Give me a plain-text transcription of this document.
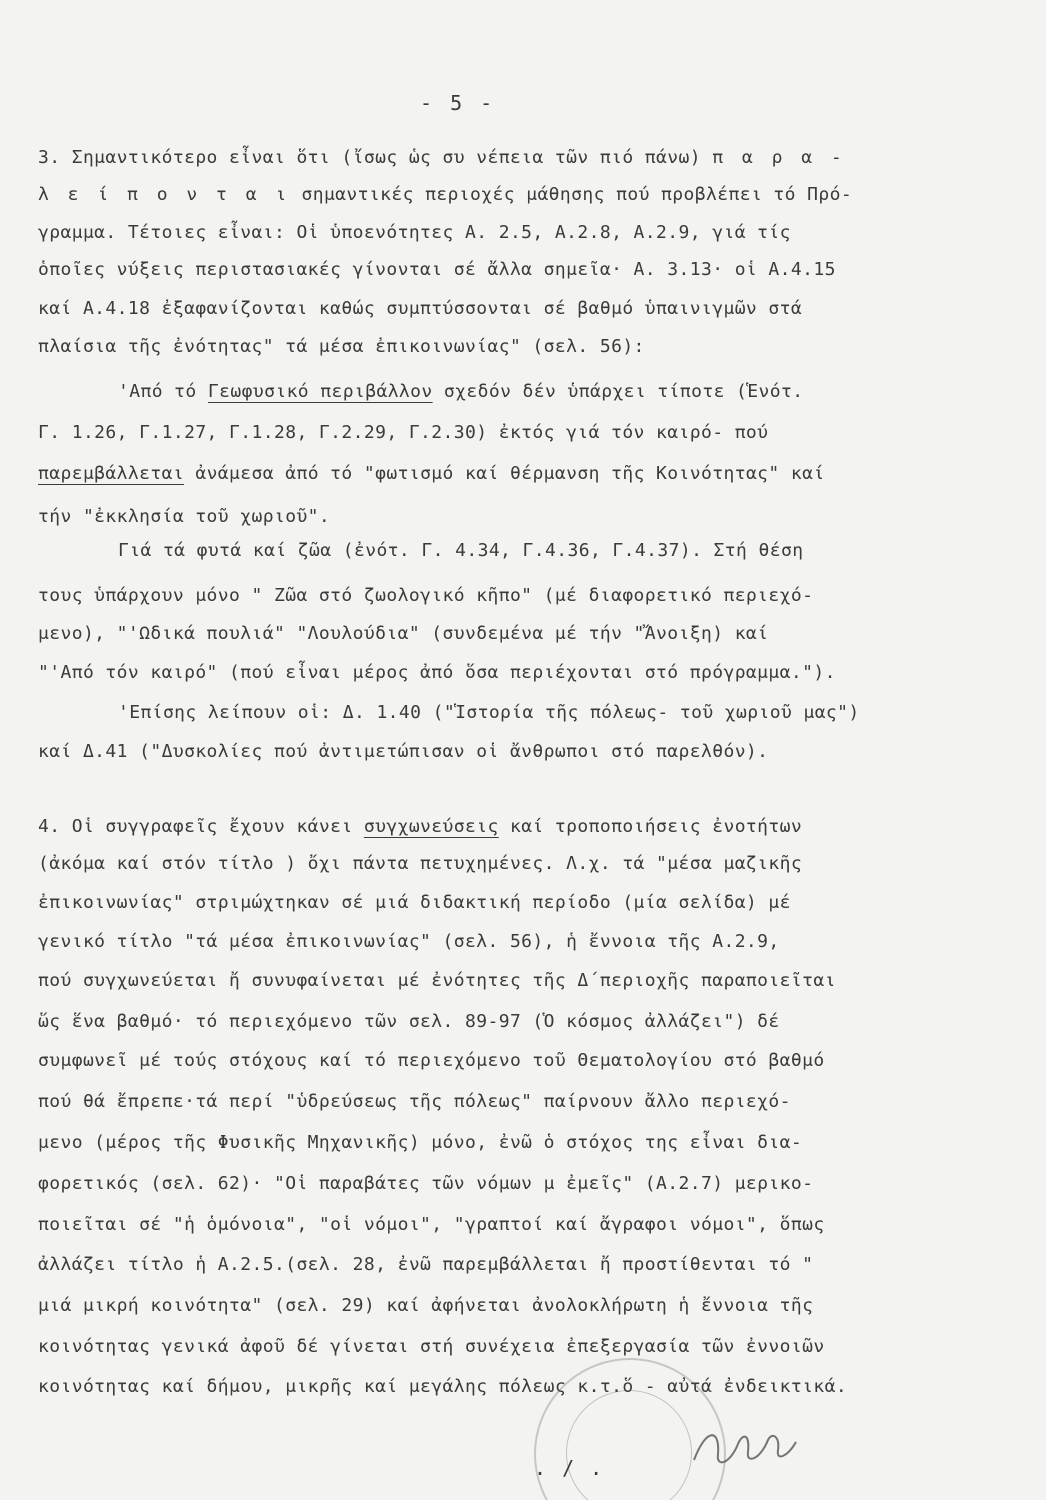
- 5 -
3. Σημαντικότερο εἶναι ὅτι (ἴσως ὡς συ νέπεια τῶν πιό πάνω) π α ρ α -
λ ε ί π ο ν τ α ι σημαντικές περιοχές μάθησης πού προβλέπει τό Πρό-
γραμμα. Τέτοιες εἶναι: Οἱ ὑποενότητες Α. 2.5, Α.2.8, Α.2.9, γιά τίς
ὁποῖες νύξεις περιστασιακές γίνονται σέ ἄλλα σημεῖα· Α. 3.13· οἱ Α.4.15
καί Α.4.18 ἐξαφανίζονται καθώς συμπτύσσονται σέ βαθμό ὑπαινιγμῶν στά
πλαίσια τῆς ἐνότητας" τά μέσα ἐπικοινωνίας" (σελ. 56):
'Από τό Γεωφυσικό περιβάλλον σχεδόν δέν ὑπάρχει τίποτε (Ἑνότ.
Γ. 1.26, Γ.1.27, Γ.1.28, Γ.2.29, Γ.2.30) ἐκτός γιά τόν καιρό- πού
παρεμβάλλεται ἀνάμεσα ἀπό τό "φωτισμό καί θέρμανση τῆς Κοινότητας" καί
τήν "ἐκκλησία τοῦ χωριοῦ".
Γιά τά φυτά καί ζῶα (ἐνότ. Γ. 4.34, Γ.4.36, Γ.4.37). Στή θέση
τους ὑπάρχουν μόνο " Ζῶα στό ζωολογικό κῆπο" (μέ διαφορετικό περιεχό-
μενο), "'Ωδικά πουλιά" "Λουλούδια" (συνδεμένα μέ τήν "Ἄνοιξη) καί
"'Από τόν καιρό" (πού εἶναι μέρος ἀπό ὅσα περιέχονται στό πρόγραμμα.").
'Επίσης λείπουν οἱ: Δ. 1.40 ("Ἱστορία τῆς πόλεως- τοῦ χωριοῦ μας")
καί Δ.41 ("Δυσκολίες πού ἀντιμετώπισαν οἱ ἄνθρωποι στό παρελθόν).
4. Οἱ συγγραφεῖς ἔχουν κάνει συγχωνεύσεις καί τροποποιήσεις ἐνοτήτων
(ἀκόμα καί στόν τίτλο ) ὄχι πάντα πετυχημένες. Λ.χ. τά "μέσα μαζικῆς
ἐπικοινωνίας" στριμώχτηκαν σέ μιά διδακτική περίοδο (μία σελίδα) μέ
γενικό τίτλο "τά μέσα ἐπικοινωνίας" (σελ. 56), ἡ ἔννοια τῆς Α.2.9,
πού συγχωνεύεται ἤ συνυφαίνεται μέ ἐνότητες τῆς Δ΄περιοχῆς παραποιεῖται
ὥς ἕνα βαθμό· τό περιεχόμενο τῶν σελ. 89-97 (Ὁ κόσμος ἀλλάζει") δέ
συμφωνεῖ μέ τούς στόχους καί τό περιεχόμενο τοῦ Θεματολογίου στό βαθμό
πού θά ἔπρεπε·τά περί "ὑδρεύσεως τῆς πόλεως" παίρνουν ἄλλο περιεχό-
μενο (μέρος τῆς Φυσικῆς Μηχανικῆς) μόνο, ἐνῶ ὁ στόχος της εἶναι δια-
φορετικός (σελ. 62)· "Οἱ παραβάτες τῶν νόμων μ ἐμεῖς" (Α.2.7) μερικο-
ποιεῖται σέ "ἡ ὁμόνοια", "οἱ νόμοι", "γραπτοί καί ἄγραφοι νόμοι", ὅπως
ἀλλάζει τίτλο ἡ Α.2.5.(σελ. 28, ἐνῶ παρεμβάλλεται ἤ προστίθενται τό "
μιά μικρή κοινότητα" (σελ. 29) καί ἀφήνεται ἀνολοκλήρωτη ἡ ἔννοια τῆς
κοινότητας γενικά ἀφοῦ δέ γίνεται στή συνέχεια ἐπεξεργασία τῶν ἐννοιῶν
κοινότητας καί δήμου, μικρῆς καί μεγάλης πόλεως κ.τ.ὅ - αὐτά ἐνδεικτικά.
. / .
